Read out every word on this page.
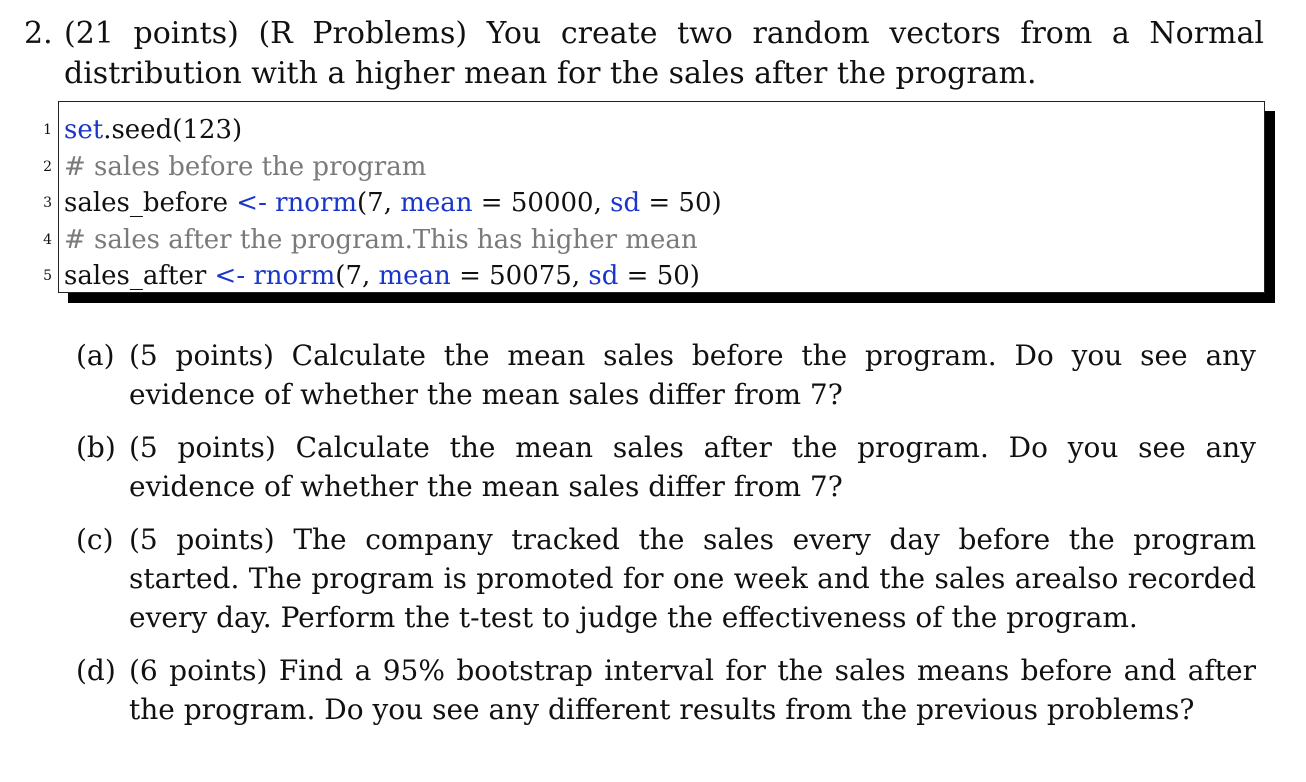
2. (21 points) (R Problems) You create two random vectors from a Normal distribution with a higher mean for the sales after the program.
1
2
3
4
5
set.seed(123)
# sales before the program
sales_before <- rnorm(7, mean = 50000, sd = 50)
# sales after the program.This has higher mean
sales_after <- rnorm(7, mean = 50075, sd = 50)
(a) (5 points) Calculate the mean sales before the program. Do you see any evidence of whether the mean sales differ from 7?
(b) (5 points) Calculate the mean sales after the program. Do you see any evidence of whether the mean sales differ from 7?
(c) (5 points) The company tracked the sales every day before the program started. The program is promoted for one week and the sales arealso recorded every day. Perform the t-test to judge the effectiveness of the program.
(d) (6 points) Find a 95% bootstrap interval for the sales means before and after the program. Do you see any different results from the previous problems?
